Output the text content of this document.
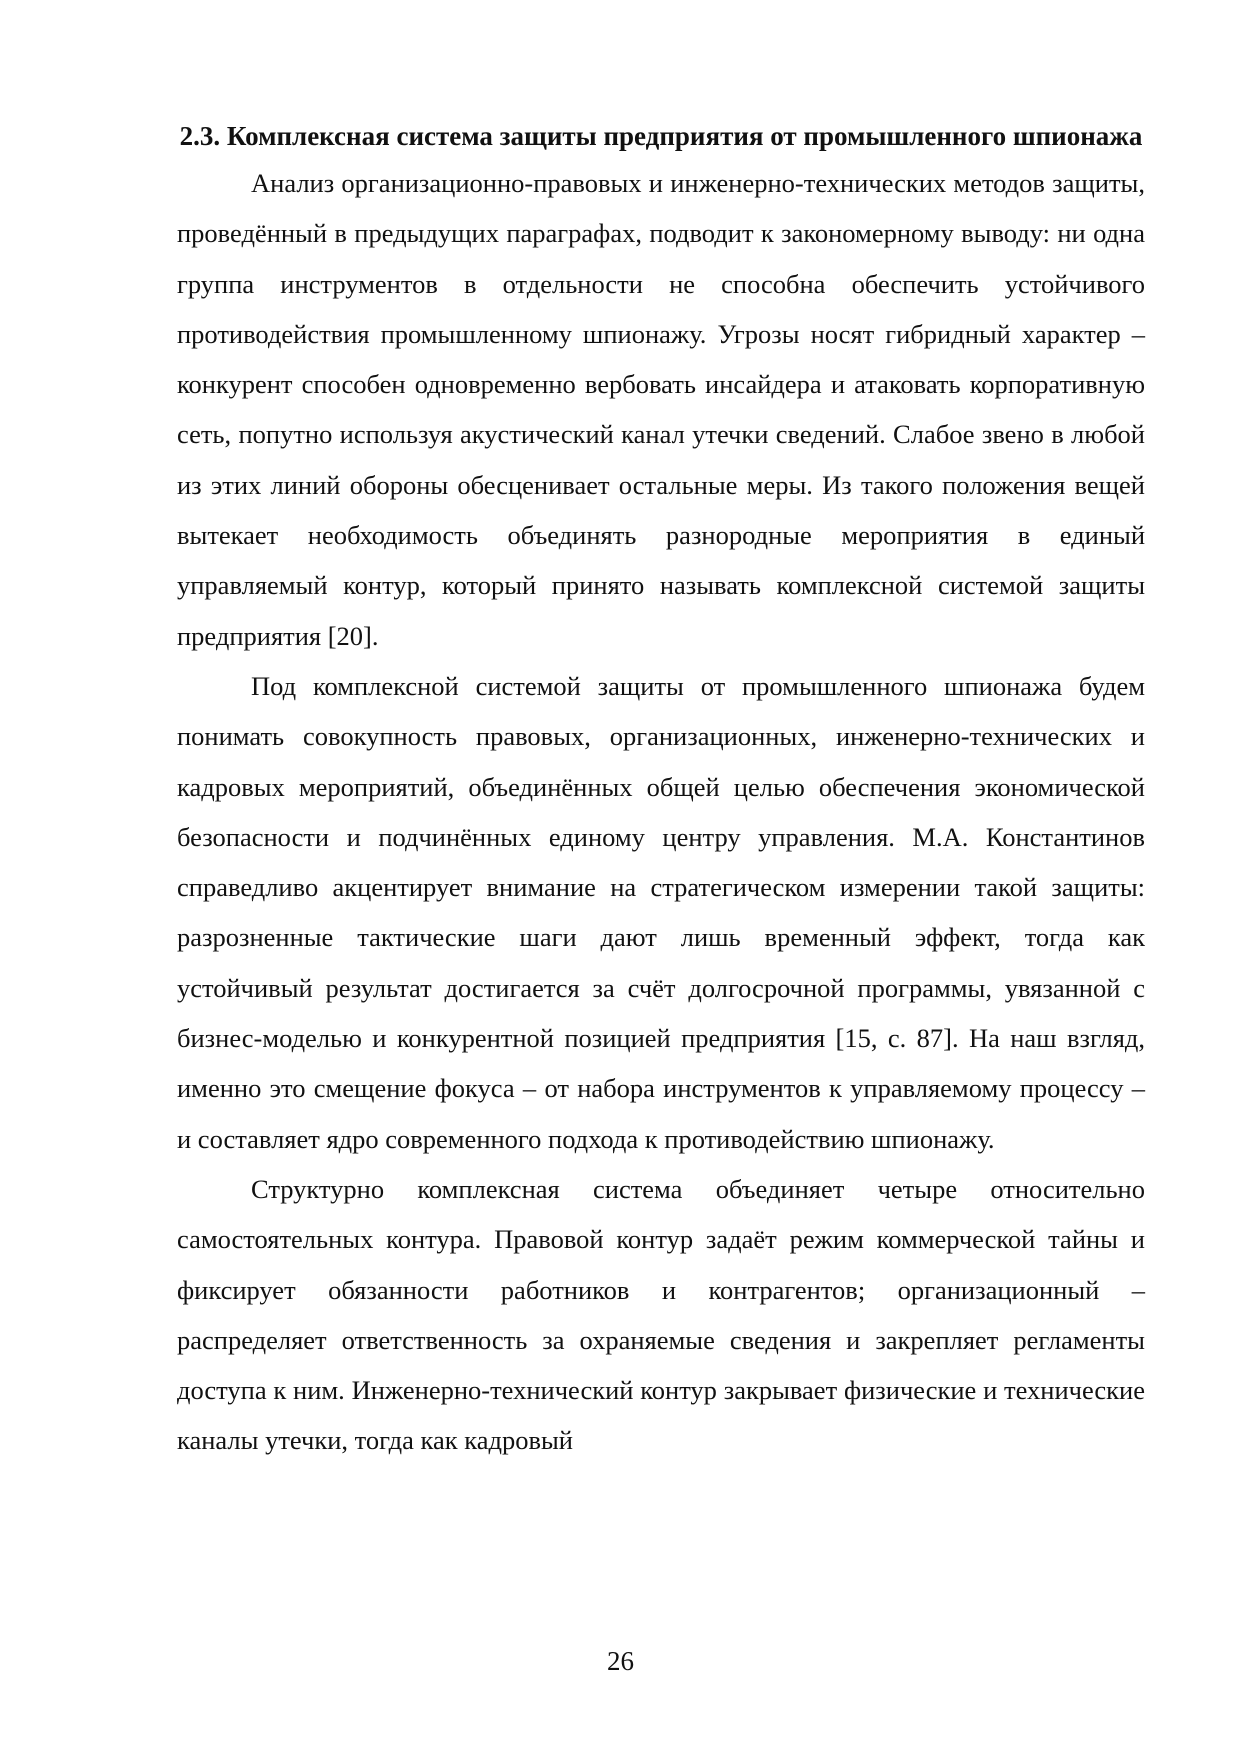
2.3. Комплексная система защиты предприятия от промышленного шпионажа

Анализ организационно-правовых и инженерно-технических методов защиты, проведённый в предыдущих параграфах, подводит к закономерному выводу: ни одна группа инструментов в отдельности не способна обеспечить устойчивого противодействия промышленному шпионажу. Угрозы носят гибридный характер – конкурент способен одновременно вербовать инсайдера и атаковать корпоративную сеть, попутно используя акустический канал утечки сведений. Слабое звено в любой из этих линий обороны обесценивает остальные меры. Из такого положения вещей вытекает необходимость объединять разнородные мероприятия в единый управляемый контур, который принято называть комплексной системой защиты предприятия [20].

Под комплексной системой защиты от промышленного шпионажа будем понимать совокупность правовых, организационных, инженерно-технических и кадровых мероприятий, объединённых общей целью обеспечения экономической безопасности и подчинённых единому центру управления. М.А. Константинов справедливо акцентирует внимание на стратегическом измерении такой защиты: разрозненные тактические шаги дают лишь временный эффект, тогда как устойчивый результат достигается за счёт долгосрочной программы, увязанной с бизнес-моделью и конкурентной позицией предприятия [15, с. 87]. На наш взгляд, именно это смещение фокуса – от набора инструментов к управляемому процессу – и составляет ядро современного подхода к противодействию шпионажу.

Структурно комплексная система объединяет четыре относительно самостоятельных контура. Правовой контур задаёт режим коммерческой тайны и фиксирует обязанности работников и контрагентов; организационный – распределяет ответственность за охраняемые сведения и закрепляет регламенты доступа к ним. Инженерно-технический контур закрывает физические и технические каналы утечки, тогда как кадровый

26
